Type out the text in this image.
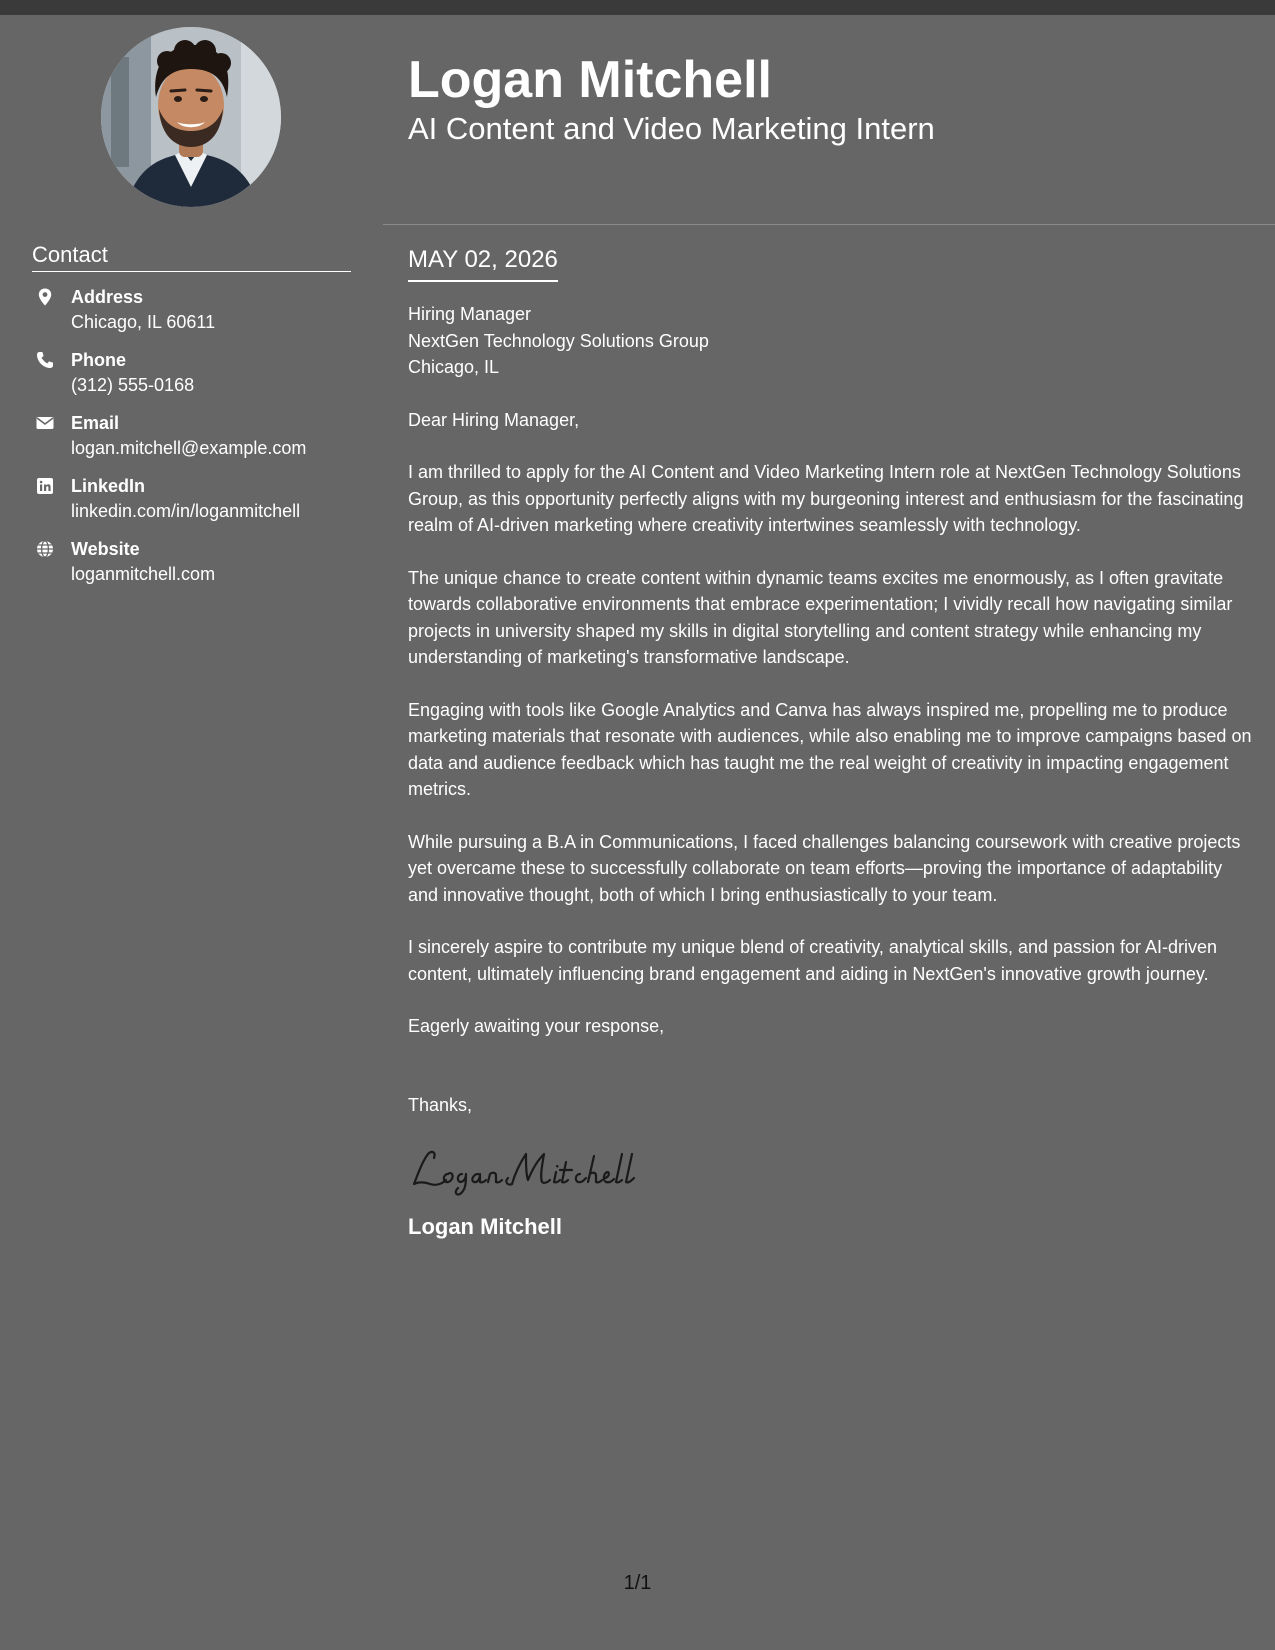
Contact
Address
Chicago, IL 60611
Phone
(312) 555-0168
Email
logan.mitchell@example.com
LinkedIn
linkedin.com/in/loganmitchell
Website
loganmitchell.com
Logan Mitchell
AI Content and Video Marketing Intern
MAY 02, 2026
Hiring Manager
NextGen Technology Solutions Group
Chicago, IL

Dear Hiring Manager,

I am thrilled to apply for the AI Content and Video Marketing Intern role at NextGen Technology Solutions Group, as this opportunity perfectly aligns with my burgeoning interest and enthusiasm for the fascinating realm of AI-driven marketing where creativity intertwines seamlessly with technology.

The unique chance to create content within dynamic teams excites me enormously, as I often gravitate towards collaborative environments that embrace experimentation; I vividly recall how navigating similar projects in university shaped my skills in digital storytelling and content strategy while enhancing my understanding of marketing's transformative landscape.

Engaging with tools like Google Analytics and Canva has always inspired me, propelling me to produce marketing materials that resonate with audiences, while also enabling me to improve campaigns based on data and audience feedback which has taught me the real weight of creativity in impacting engagement metrics.

While pursuing a B.A in Communications, I faced challenges balancing coursework with creative projects yet overcame these to successfully collaborate on team efforts—proving the importance of adaptability and innovative thought, both of which I bring enthusiastically to your team.

I sincerely aspire to contribute my unique blend of creativity, analytical skills, and passion for AI-driven content, ultimately influencing brand engagement and aiding in NextGen's innovative growth journey.

Eagerly awaiting your response,

Thanks,

Logan Mitchell
1/1
